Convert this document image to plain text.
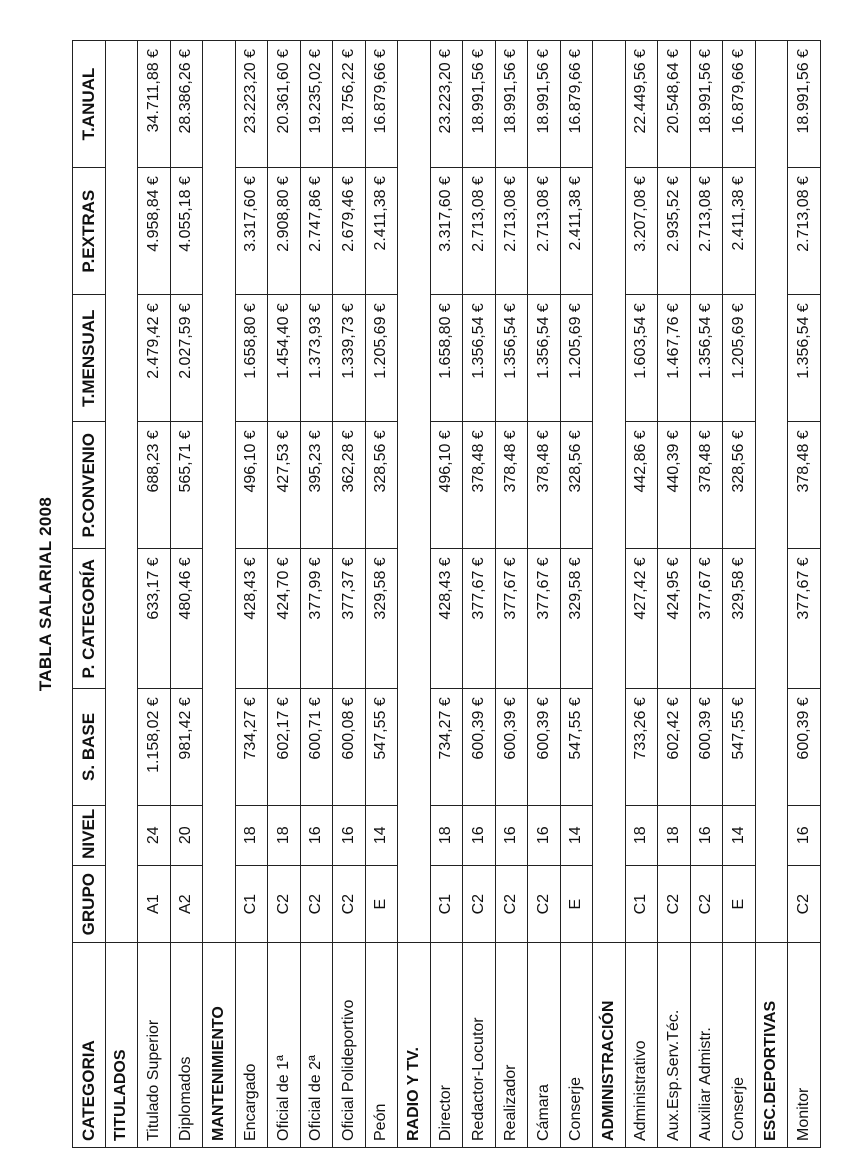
TABLA SALARIAL 2008
CATEGORIA	GRUPO	NIVEL	S. BASE	P. CATEGORÍA	P.CONVENIO	T.MENSUAL	P.EXTRAS	T.ANUAL
TITULADOS								
Titulado Superior	A1	24	1.158,02 €	633,17 €	688,23 €	2.479,42 €	4.958,84 €	34.711,88 €
Diplomados	A2	20	981,42 €	480,46 €	565,71 €	2.027,59 €	4.055,18 €	28.386,26 €
MANTENIMIENTO								
Encargado	C1	18	734,27 €	428,43 €	496,10 €	1.658,80 €	3.317,60 €	23.223,20 €
Oficial de 1ª	C2	18	602,17 €	424,70 €	427,53 €	1.454,40 €	2.908,80 €	20.361,60 €
Oficial de 2ª	C2	16	600,71 €	377,99 €	395,23 €	1.373,93 €	2.747,86 €	19.235,02 €
Oficial Polideportivo	C2	16	600,08 €	377,37 €	362,28 €	1.339,73 €	2.679,46 €	18.756,22 €
Peón	E	14	547,55 €	329,58 €	328,56 €	1.205,69 €	2.411,38 €	16.879,66 €
RADIO Y TV.								
Director	C1	18	734,27 €	428,43 €	496,10 €	1.658,80 €	3.317,60 €	23.223,20 €
Redactor-Locutor	C2	16	600,39 €	377,67 €	378,48 €	1.356,54 €	2.713,08 €	18.991,56 €
Realizador	C2	16	600,39 €	377,67 €	378,48 €	1.356,54 €	2.713,08 €	18.991,56 €
Cámara	C2	16	600,39 €	377,67 €	378,48 €	1.356,54 €	2.713,08 €	18.991,56 €
Conserje	E	14	547,55 €	329,58 €	328,56 €	1.205,69 €	2.411,38 €	16.879,66 €
ADMINISTRACIÓN								
Administrativo	C1	18	733,26 €	427,42 €	442,86 €	1.603,54 €	3.207,08 €	22.449,56 €
Aux.Esp.Serv.Téc.	C2	18	602,42 €	424,95 €	440,39 €	1.467,76 €	2.935,52 €	20.548,64 €
Auxiliar Admistr.	C2	16	600,39 €	377,67 €	378,48 €	1.356,54 €	2.713,08 €	18.991,56 €
Conserje	E	14	547,55 €	329,58 €	328,56 €	1.205,69 €	2.411,38 €	16.879,66 €
ESC.DEPORTIVAS								
Monitor	C2	16	600,39 €	377,67 €	378,48 €	1.356,54 €	2.713,08 €	18.991,56 €
